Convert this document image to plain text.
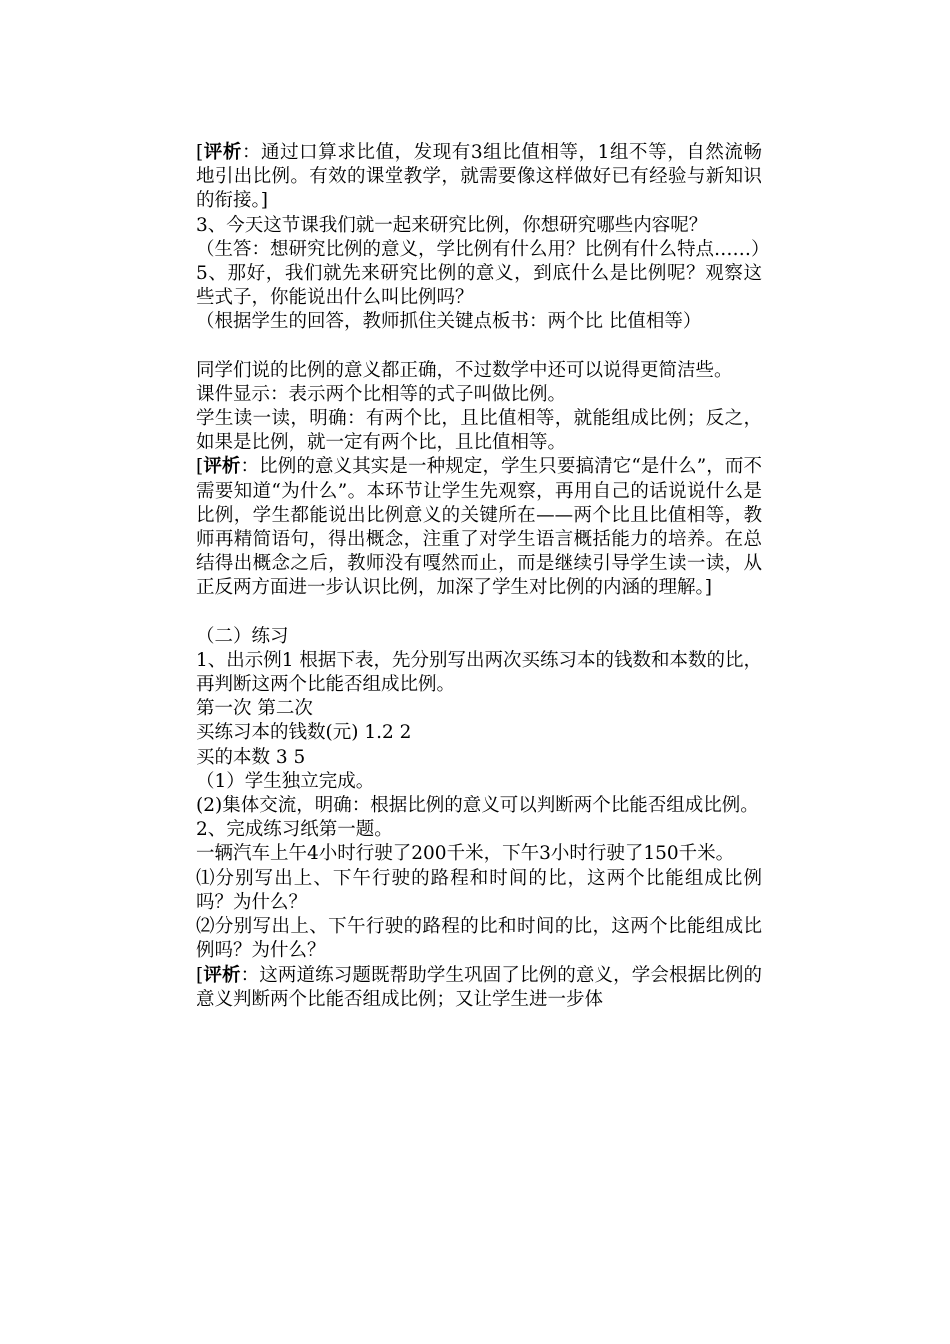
[评析：通过口算求比值，发现有3组比值相等，1组不等，自然流畅地引出比例。有效的课堂教学，就需要像这样做好已有经验与新知识的衔接。]

3、今天这节课我们就一起来研究比例，你想研究哪些内容呢？

（生答：想研究比例的意义，学比例有什么用？比例有什么特点……）

5、那好，我们就先来研究比例的意义，到底什么是比例呢？观察这些式子，你能说出什么叫比例吗？

（根据学生的回答，教师抓住关键点板书：两个比 比值相等）

同学们说的比例的意义都正确，不过数学中还可以说得更简洁些。

课件显示：表示两个比相等的式子叫做比例。

学生读一读，明确：有两个比，且比值相等，就能组成比例；反之，如果是比例，就一定有两个比，且比值相等。

[评析：比例的意义其实是一种规定，学生只要搞清它“是什么”，而不需要知道“为什么”。本环节让学生先观察，再用自己的话说说什么是比例，学生都能说出比例意义的关键所在——两个比且比值相等，教师再精简语句，得出概念，注重了对学生语言概括能力的培养。在总结得出概念之后，教师没有嘎然而止，而是继续引导学生读一读，从正反两方面进一步认识比例，加深了学生对比例的内涵的理解。]

（二）练习

1、出示例1 根据下表，先分别写出两次买练习本的钱数和本数的比，再判断这两个比能否组成比例。

第一次 第二次

买练习本的钱数(元) 1.2 2

买的本数 3 5

（1）学生独立完成。

(2)集体交流，明确：根据比例的意义可以判断两个比能否组成比例。

2、完成练习纸第一题。

一辆汽车上午4小时行驶了200千米，下午3小时行驶了150千米。

⑴分别写出上、下午行驶的路程和时间的比，这两个比能组成比例吗？为什么？

⑵分别写出上、下午行驶的路程的比和时间的比，这两个比能组成比例吗？为什么？

[评析：这两道练习题既帮助学生巩固了比例的意义，学会根据比例的意义判断两个比能否组成比例；又让学生进一步体
